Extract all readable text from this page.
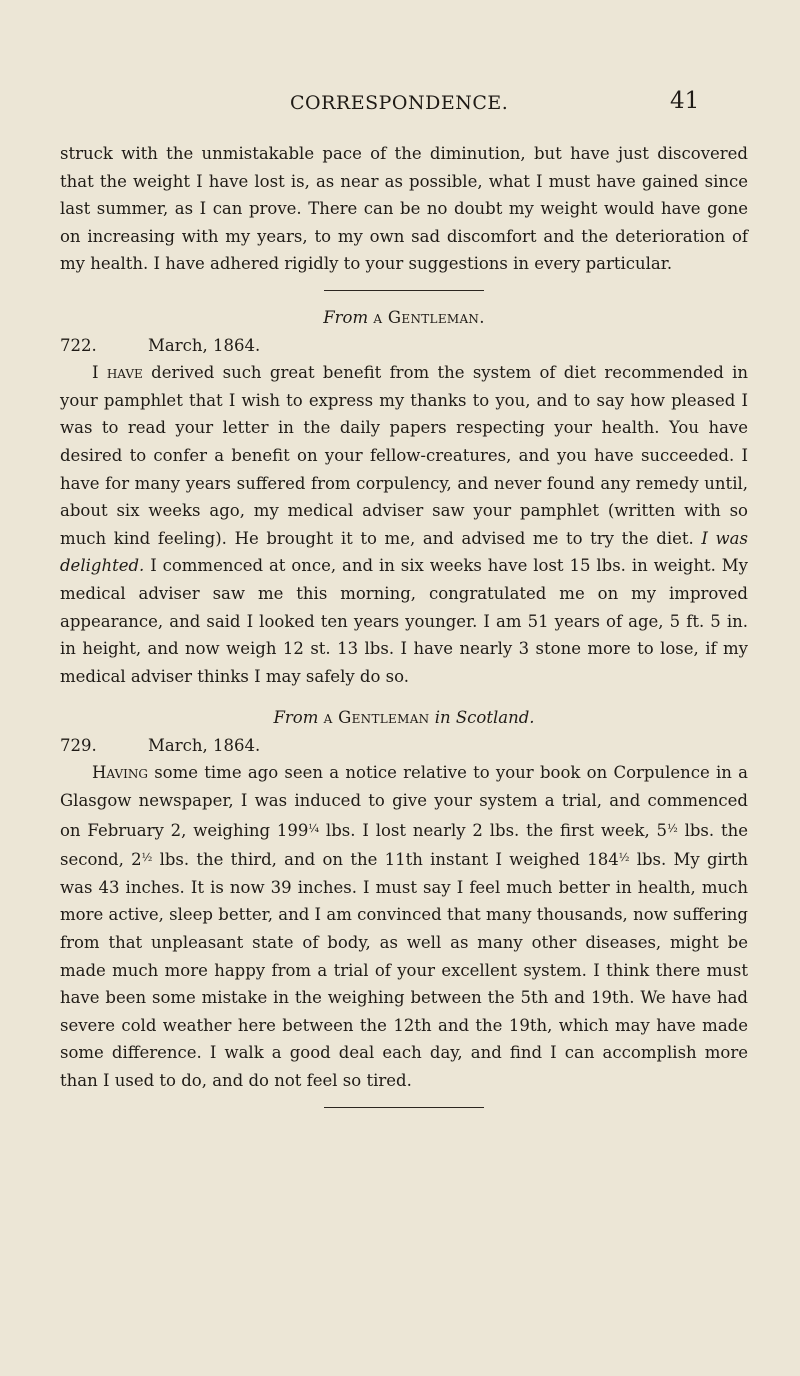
CORRESPONDENCE.	41

struck with the unmistakable pace of the diminution, but have just discovered that the weight I have lost is, as near as possible, what I must have gained since last summer, as I can prove. There can be no doubt my weight would have gone on increasing with my years, to my own sad discomfort and the deterioration of my health. I have adhered rigidly to your suggestions in every particular.

From a Gentleman.

722.	March, 1864.

I have derived such great benefit from the system of diet recommended in your pamphlet that I wish to express my thanks to you, and to say how pleased I was to read your letter in the daily papers respecting your health. You have desired to confer a benefit on your fellow-creatures, and you have succeeded. I have for many years suffered from corpulency, and never found any remedy until, about six weeks ago, my medical adviser saw your pamphlet (written with so much kind feeling). He brought it to me, and advised me to try the diet. I was delighted. I commenced at once, and in six weeks have lost 15 lbs. in weight. My medical adviser saw me this morning, congratulated me on my improved appearance, and said I looked ten years younger. I am 51 years of age, 5 ft. 5 in. in height, and now weigh 12 st. 13 lbs. I have nearly 3 stone more to lose, if my medical adviser thinks I may safely do so.

From a Gentleman in Scotland.

729.	March, 1864.

Having some time ago seen a notice relative to your book on Corpulence in a Glasgow newspaper, I was induced to give your system a trial, and commenced on February 2, weighing $199^{\frac{1}{4}}$ lbs. I lost nearly 2 lbs. the first week, $5^{\frac{1}{2}}$ lbs. the second, $2^{\frac{1}{2}}$ lbs. the third, and on the 11th instant I weighed $184^{\frac{1}{2}}$ lbs. My girth was 43 inches. It is now 39 inches. I must say I feel much better in health, much more active, sleep better, and I am convinced that many thousands, now suffering from that unpleasant state of body, as well as many other diseases, might be made much more happy from a trial of your excellent system. I think there must have been some mistake in the weighing between the 5th and 19th. We have had severe cold weather here between the 12th and the 19th, which may have made some difference. I walk a good deal each day, and find I can accomplish more than I used to do, and do not feel so tired.
